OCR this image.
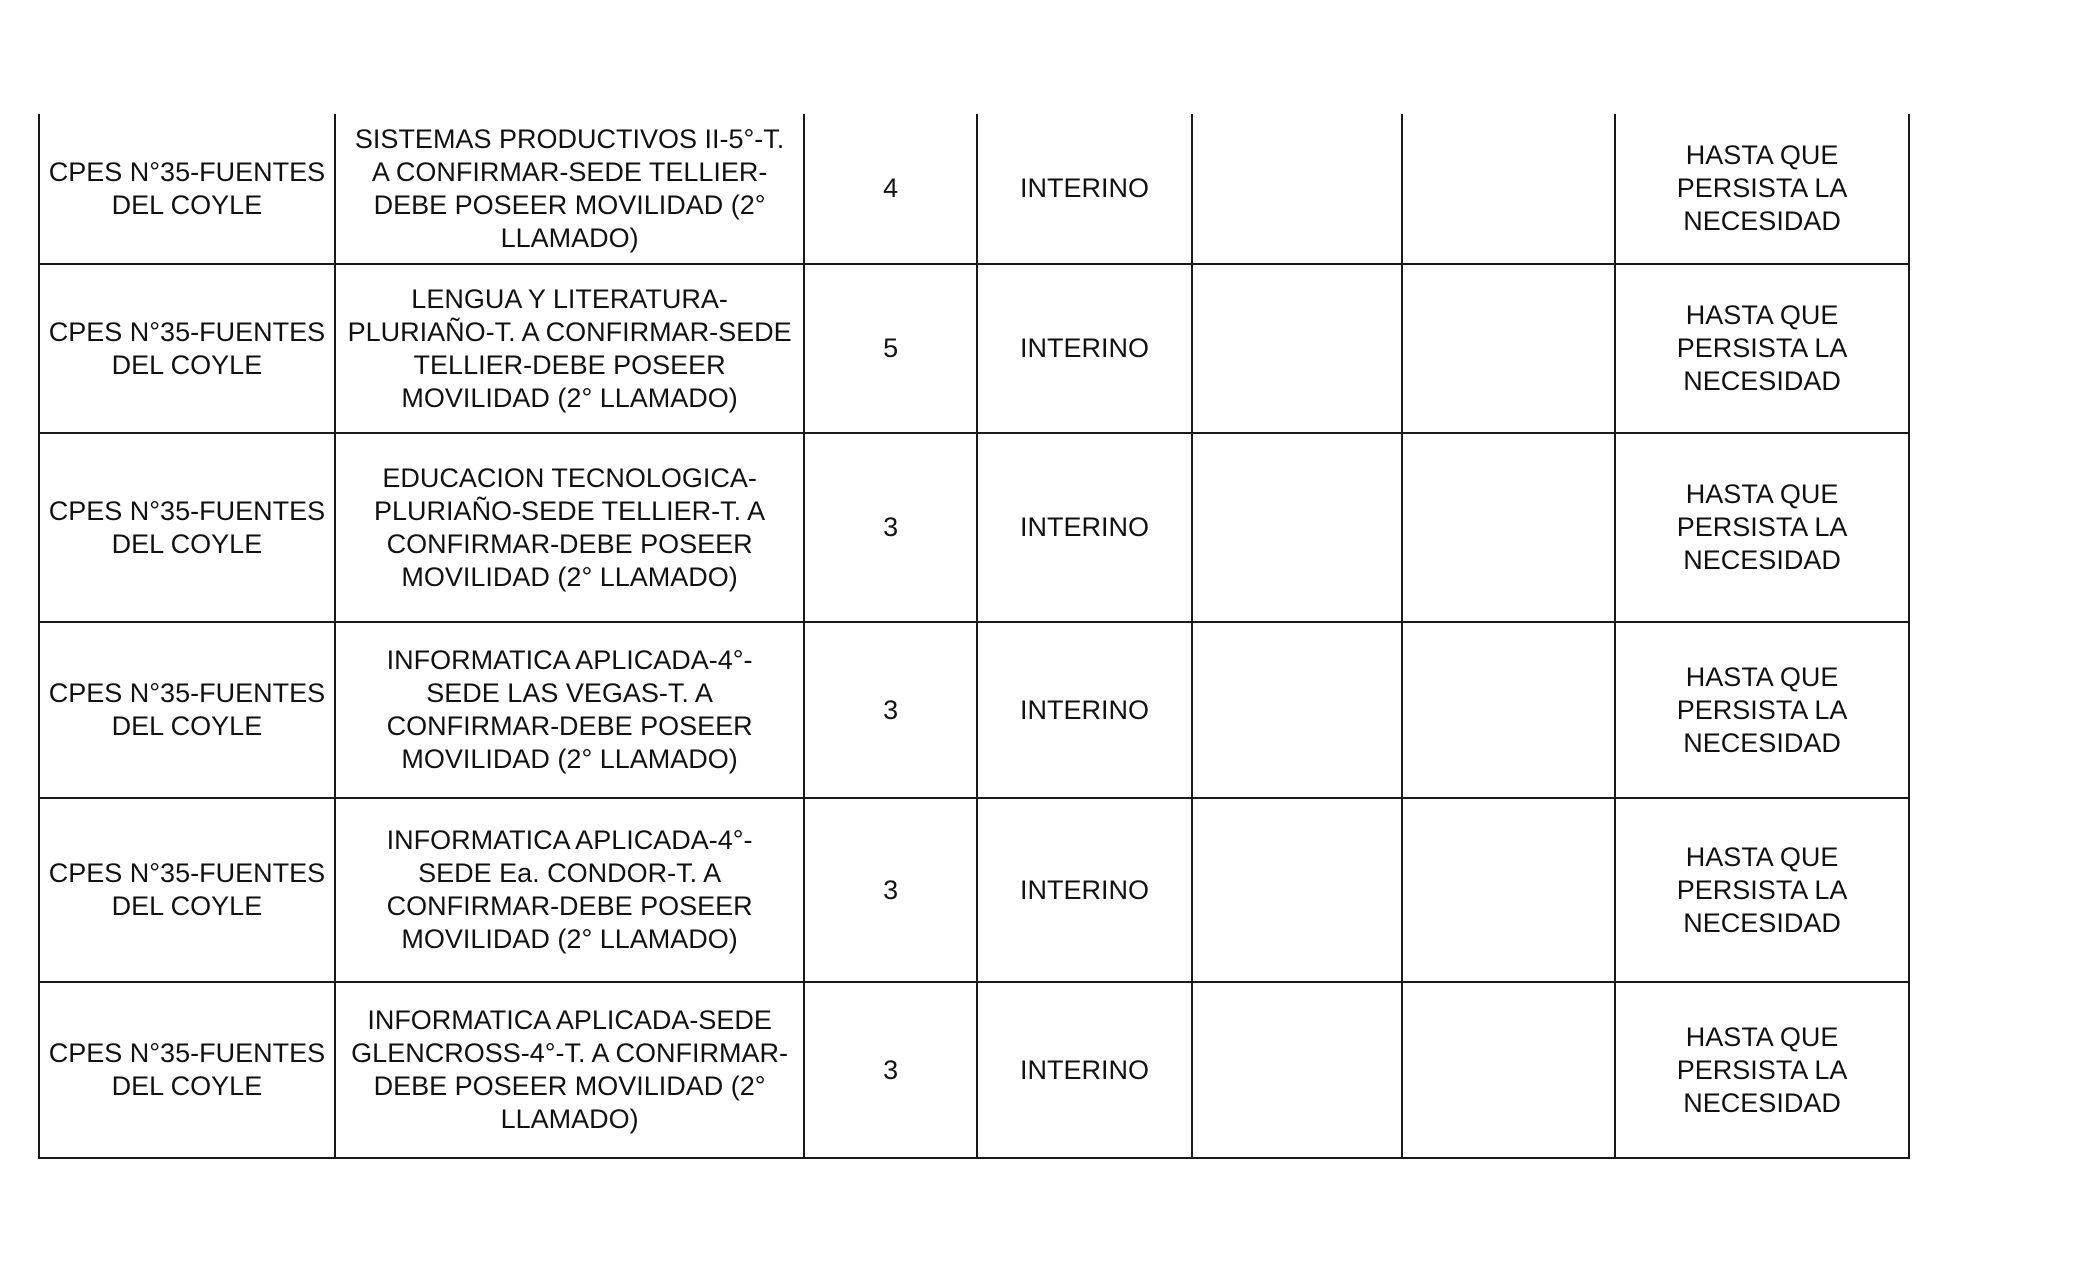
CPES N°35-FUENTES
DEL COYLE	SISTEMAS PRODUCTIVOS II-5°-T.
A CONFIRMAR-SEDE TELLIER-
DEBE POSEER MOVILIDAD (2°
LLAMADO)	4	INTERINO			HASTA QUE
PERSISTA LA
NECESIDAD
CPES N°35-FUENTES
DEL COYLE	LENGUA Y LITERATURA-
PLURIAÑO-T. A CONFIRMAR-SEDE
TELLIER-DEBE POSEER
MOVILIDAD (2° LLAMADO)	5	INTERINO			HASTA QUE
PERSISTA LA
NECESIDAD
CPES N°35-FUENTES
DEL COYLE	EDUCACION TECNOLOGICA-
PLURIAÑO-SEDE TELLIER-T. A
CONFIRMAR-DEBE POSEER
MOVILIDAD (2° LLAMADO)	3	INTERINO			HASTA QUE
PERSISTA LA
NECESIDAD
CPES N°35-FUENTES
DEL COYLE	INFORMATICA APLICADA-4°-
SEDE LAS VEGAS-T. A
CONFIRMAR-DEBE POSEER
MOVILIDAD (2° LLAMADO)	3	INTERINO			HASTA QUE
PERSISTA LA
NECESIDAD
CPES N°35-FUENTES
DEL COYLE	INFORMATICA APLICADA-4°-
SEDE Ea. CONDOR-T. A
CONFIRMAR-DEBE POSEER
MOVILIDAD (2° LLAMADO)	3	INTERINO			HASTA QUE
PERSISTA LA
NECESIDAD
CPES N°35-FUENTES
DEL COYLE	INFORMATICA APLICADA-SEDE
GLENCROSS-4°-T. A CONFIRMAR-
DEBE POSEER MOVILIDAD (2°
LLAMADO)	3	INTERINO			HASTA QUE
PERSISTA LA
NECESIDAD
